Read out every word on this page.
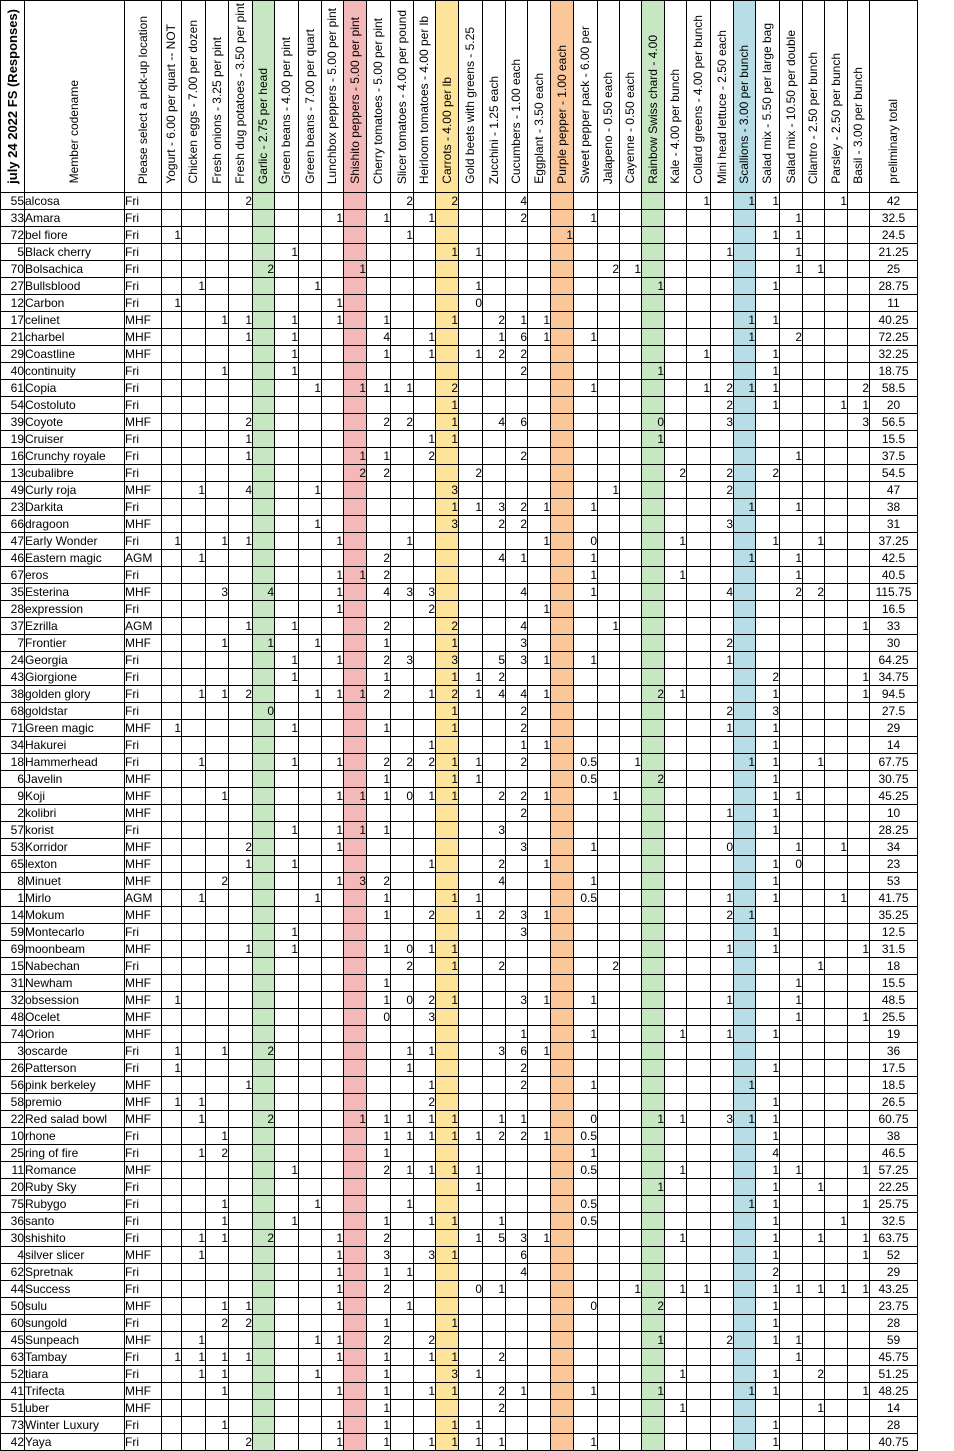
july 24 2022 FS (Responses)	Member codename	Please select a pick-up location	Yogurt - 6.00 per quart -- NOT	Chicken eggs - 7.00 per dozen	Fresh onions - 3.25 per pint	Fresh dug potatoes - 3.50 per pint	Garlic - 2.75 per head	Green beans - 4.00 per pint	Green beans - 7.00 per quart	Lunchbox peppers - 5.00 per pint	Shishito peppers - 5.00 per pint	Cherry tomatoes - 5.00 per pint	Slicer tomatoes - 4.00 per pound	Heirloom tomatoes - 4.00 per lb	Carrots - 4.00 per lb	Gold beets with greens - 5.25	Zucchini - 1.25 each	Cucumbers - 1.00 each	Eggplant - 3.50 each	Purple pepper - 1.00 each	Sweet pepper pack - 6.00 per	Jalapeno - 0.50 each	Cayenne - 0.50 each	Rainbow Swiss chard - 4.00	Kale - 4.00 per bunch	Collard greens - 4.00 per bunch	Mini head lettuce - 2.50 each	Scallions - 3.00 per bunch	Salad mix - 5.50 per large bag	Salad mix - 10.50 per double	Cilantro - 2.50 per bunch	Parsley - 2.50 per bunch	Basil - 3.00 per bunch	preliminary total
55	alcosa	Fri				2							2		2			4								1		1	1			1		42
33	Amara	Fri								1		1		1				2			1									1				32.5
72	bel fiore	Fri	1										1							1									1	1				24.5
5	Black cherry	Fri						1							1	1											1			1				21.25
70	Bolsachica	Fri					2				1											2	1							1	1			25
27	Bullsblood	Fri		1					1							1								1					1					28.75
12	Carbon	Fri	1							1						0																		11
17	celinet	MHF			1	1		1		1		1			1		2	1	1									1	1					40.25
21	charbel	MHF				1		1				4		1			1	6	1		1							1		2				72.25
29	Coastline	MHF						1				1		1		1	2	2								1			1					32.25
40	continuity	Fri			1			1										2						1					1					18.75
61	Copia	Fri							1		1	1	1		2						1					1	2	1	1				2	58.5
54	Costoluto	Fri													1												2		1			1	1	20
39	Coyote	MHF				2						2	2		1		4	6						0			3						3	56.5
19	Cruiser	Fri				1								1	1									1										15.5
16	Crunchy royale	Fri				1					1	1		2				2												1				37.5
13	cubalibre	Fri									2	2				2									2		2		2					54.5
49	Curly roja	MHF		1		4			1						3							1					2							47
23	Darkita	Fri													1	1	3	2	1		1							1		1				38
66	dragoon	MHF							1						3		2	2									3							31
47	Early Wonder	Fri	1		1	1				1			1						1		0				1				1		1			37.25
46	Eastern magic	AGM		1								2					4	1			1							1		1				42.5
67	eros	Fri								1	1	2									1				1					1				40.5
35	Esterina	MHF			3		4			1		4	3	3				4			1						4			2	2			115.75
28	expression	Fri								1				2					1															16.5
37	Ezrilla	AGM				1		1				2			2			4				1											1	33
7	Frontier	MHF			1		1		1			1			1			3									2							30
24	Georgia	Fri						1		1		2	3		3		5	3	1		1						1							64.25
43	Giorgione	Fri						1				1			1	1	2												2				1	34.75
38	golden glory	Fri		1	1	2			1	1	1	2		1	2	1	4	4	1					2	1				1				1	94.5
68	goldstar	Fri					0								1			2									2		3					27.5
71	Green magic	MHF	1					1				1			1			2									1		1					29
34	Hakurei	Fri												1				1	1										1					14
18	Hammerhead	Fri		1				1		1		2	2	2	1	1		2			0.5		1					1	1		1			67.75
6	Javelin	MHF										1			1	1					0.5			2					1					30.75
9	Koji	MHF			1					1	1	1	0	1	1		2	2	1			1							1	1				45.25
2	kolibri	MHF																2									1		1					10
57	korist	Fri						1		1	1	1					3												1					28.25
53	Korridor	MHF				2				1								3			1						0			1		1		34
65	lexton	MHF				1		1						1			2		1										1	0				23
8	Minuet	MHF			2					1	3	2					4				1								1					53
1	Mirlo	AGM		1					1			1			1	1					0.5						1		1			1		41.75
14	Mokum	MHF										1		2		1	2	3	1								2	1						35.25
59	Montecarlo	Fri						1										3											1					12.5
69	moonbeam	MHF				1		1				1	0	1	1												1		1				1	31.5
15	Nabechan	Fri											2		1		2					2									1			18
31	Newham	MHF										1																		1				15.5
32	obsession	MHF	1									1	0	2	1			3	1		1						1			1				48.5
48	Ocelet	MHF										0		3																1			1	25.5
74	Orion	MHF																1			1				1		1		1					19
3	oscarde	Fri	1		1		2						1	1			3	6	1															36
26	Patterson	Fri	1										1					2											1					17.5
56	pink berkeley	MHF				1								1				2			1							1						18.5
58	premio	MHF	1	1										2															1					26.5
22	Red salad bowl	MHF		1			2				1	1	1	1	1		1	1			0			1	1		3	1	1					60.75
10	rhone	Fri			1							1	1	1	1	1	2	2	1		0.5								1					38
25	ring of fire	Fri		1	2							1									1								4					46.5
11	Romance	MHF						1				2	1	1	1	1					0.5				1				1	1			1	57.25
20	Ruby Sky	Fri														1								1					1		1			22.25
75	Rubygo	Fri			1				1				1								0.5							1	1				1	25.75
36	santo	Fri			1			1				1		1	1		1				0.5								1			1		32.5
30	shishito	Fri		1	1		2			1		2				1	5	3	1						1				1		1		1	63.75
4	silver slicer	MHF		1						1		3		3	1			6											1				1	52
62	Spretnak	Fri								1		1	1					4											2					29
44	Success	Fri								1		2				0	1						1		1	1			1	1	1	1	1	43.25
50	sulu	MHF			1	1				1			1								0			2					1					23.75
60	sungold	Fri			2	2						1			1														1					28
45	Sunpeach	MHF		1					1	1		2		2										1			2		1	1				59
63	Tambay	Fri	1	1	1	1				1		1		1	1		2													1				45.75
52	tiara	Fri		1	1				1			1			3	1									1				1		2			51.25
41	Trifecta	MHF			1					1		1		1	1		2	1			1			1				1	1				1	48.25
51	uber	MHF										1					2								1						1			14
73	Winter Luxury	Fri			1					1		1			1	1													1					28
42	Yaya	Fri				2				1		1		1	1	1	1				1								1					40.75
